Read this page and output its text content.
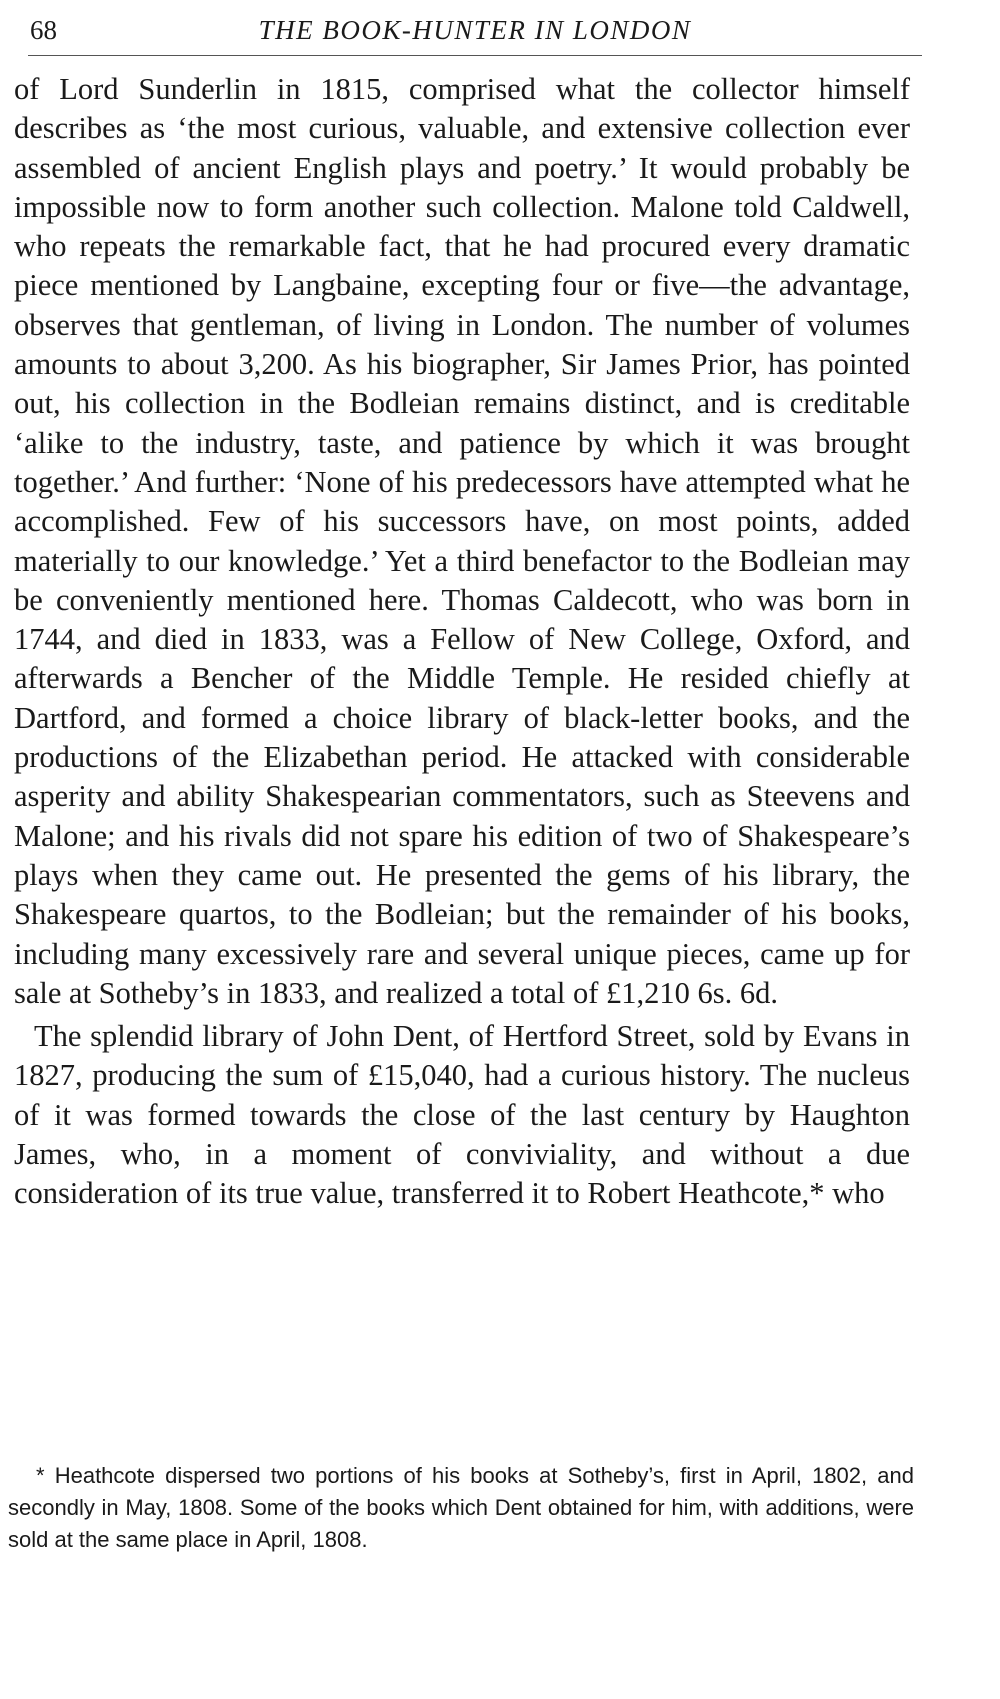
68	THE BOOK-HUNTER IN LONDON

of Lord Sunderlin in 1815, comprised what the collector himself describes as ‘the most curious, valuable, and extensive collection ever assembled of ancient English plays and poetry.’ It would probably be impossible now to form another such collection. Malone told Caldwell, who repeats the remarkable fact, that he had procured every dramatic piece mentioned by Langbaine, excepting four or five—the advantage, observes that gentleman, of living in London. The number of volumes amounts to about 3,200. As his biographer, Sir James Prior, has pointed out, his collection in the Bodleian remains distinct, and is creditable ‘alike to the industry, taste, and patience by which it was brought together.’ And further: ‘None of his predecessors have attempted what he accomplished. Few of his successors have, on most points, added materially to our knowledge.’ Yet a third benefactor to the Bodleian may be conveniently mentioned here. Thomas Caldecott, who was born in 1744, and died in 1833, was a Fellow of New College, Oxford, and afterwards a Bencher of the Middle Temple. He resided chiefly at Dartford, and formed a choice library of black-letter books, and the productions of the Elizabethan period. He attacked with considerable asperity and ability Shakespearian commentators, such as Steevens and Malone; and his rivals did not spare his edition of two of Shakespeare’s plays when they came out. He presented the gems of his library, the Shakespeare quartos, to the Bodleian; but the remainder of his books, including many excessively rare and several unique pieces, came up for sale at Sotheby’s in 1833, and realized a total of £1,210 6s. 6d.

The splendid library of John Dent, of Hertford Street, sold by Evans in 1827, producing the sum of £15,040, had a curious history. The nucleus of it was formed towards the close of the last century by Haughton James, who, in a moment of conviviality, and without a due consideration of its true value, transferred it to Robert Heathcote,* who

* Heathcote dispersed two portions of his books at Sotheby’s, first in April, 1802, and secondly in May, 1808. Some of the books which Dent obtained for him, with additions, were sold at the same place in April, 1808.
